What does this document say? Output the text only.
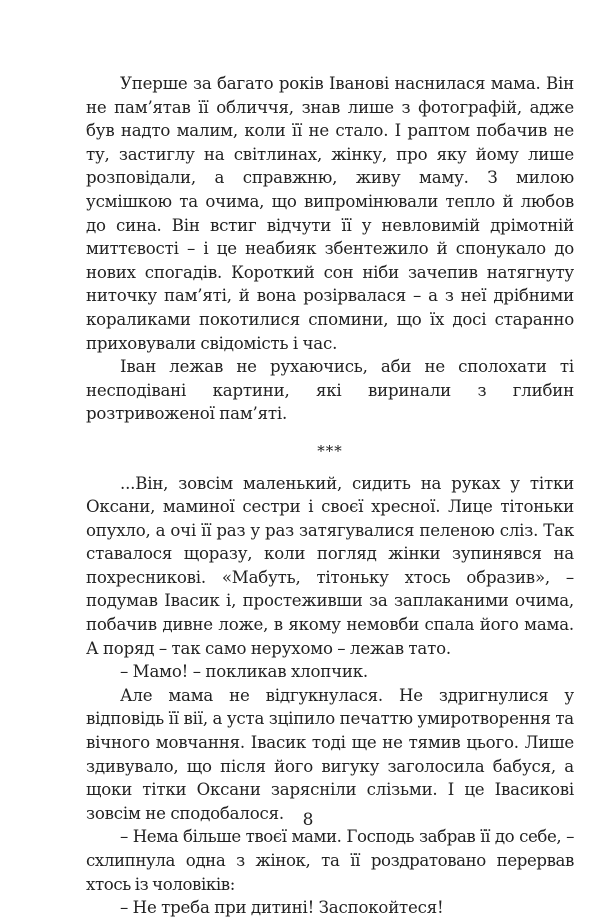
Уперше за багато років Іванові наснилася мама. Він не пам’ятав її обличчя, знав лише з фотографій, адже був надто малим, коли її не стало. І раптом побачив не ту, застиглу на світлинах, жінку, про яку йому лише розповідали, а справжню, живу маму. З милою усмішкою та очима, що випромінювали тепло й любов до сина. Він встиг відчути її у невловимій дрімотній миттєвості – і це неабияк збентежило й спонукало до нових спогадів. Короткий сон ніби зачепив натягнуту ниточку пам’яті, й вона розірвалася – а з неї дрібними кораликами покотилися спомини, що їх досі старанно приховували свідомість і час.

Іван лежав не рухаючись, аби не сполохати ті несподівані картини, які виринали з глибин розтривоженої пам’яті.

***

...Він, зовсім маленький, сидить на руках у тітки Оксани, маминої сестри і своєї хресної. Лице тітоньки опухло, а очі її раз у раз затягувалися пеленою сліз. Так ставалося щоразу, коли погляд жінки зупинявся на похресникові. «Мабуть, тітоньку хтось образив», – подумав Івасик і, простеживши за заплаканими очима, побачив дивне ложе, в якому немовби спала його мама. А поряд – так само нерухомо – лежав тато.

– Мамо! – покликав хлопчик.

Але мама не відгукнулася. Не здригнулися у відповідь її вії, а уста зціпило печаттю умиротворення та вічного мовчання. Івасик тоді ще не тямив цього. Лише здивувало, що після його вигуку заголосила бабуся, а щоки тітки Оксани зарясніли слізьми. І це Івасикові зовсім не сподобалося.

– Нема більше твоєї мами. Господь забрав її до себе, – схлипнула одна з жінок, та її роздратовано перервав хтось із чоловіків:

– Не треба при дитині! Заспокойтеся!

8
